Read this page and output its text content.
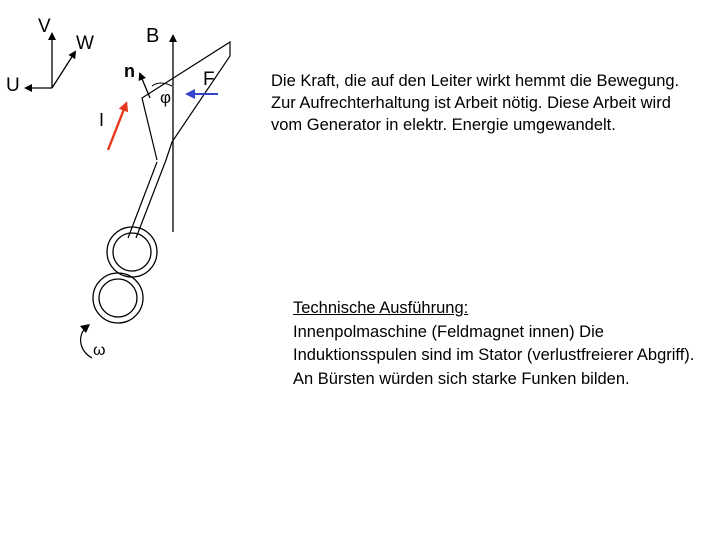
V
W
U
B
n
φ
F
I
ω

Die Kraft, die auf den Leiter wirkt hemmt die Bewegung. Zur Aufrechterhaltung ist Arbeit nötig. Diese Arbeit wird vom Generator in elektr. Energie umgewandelt.

Technische Ausführung:
Innenpolmaschine (Feldmagnet innen) Die Induktionsspulen sind im Stator (verlustfreierer Abgriff). An Bürsten würden sich starke Funken bilden.
